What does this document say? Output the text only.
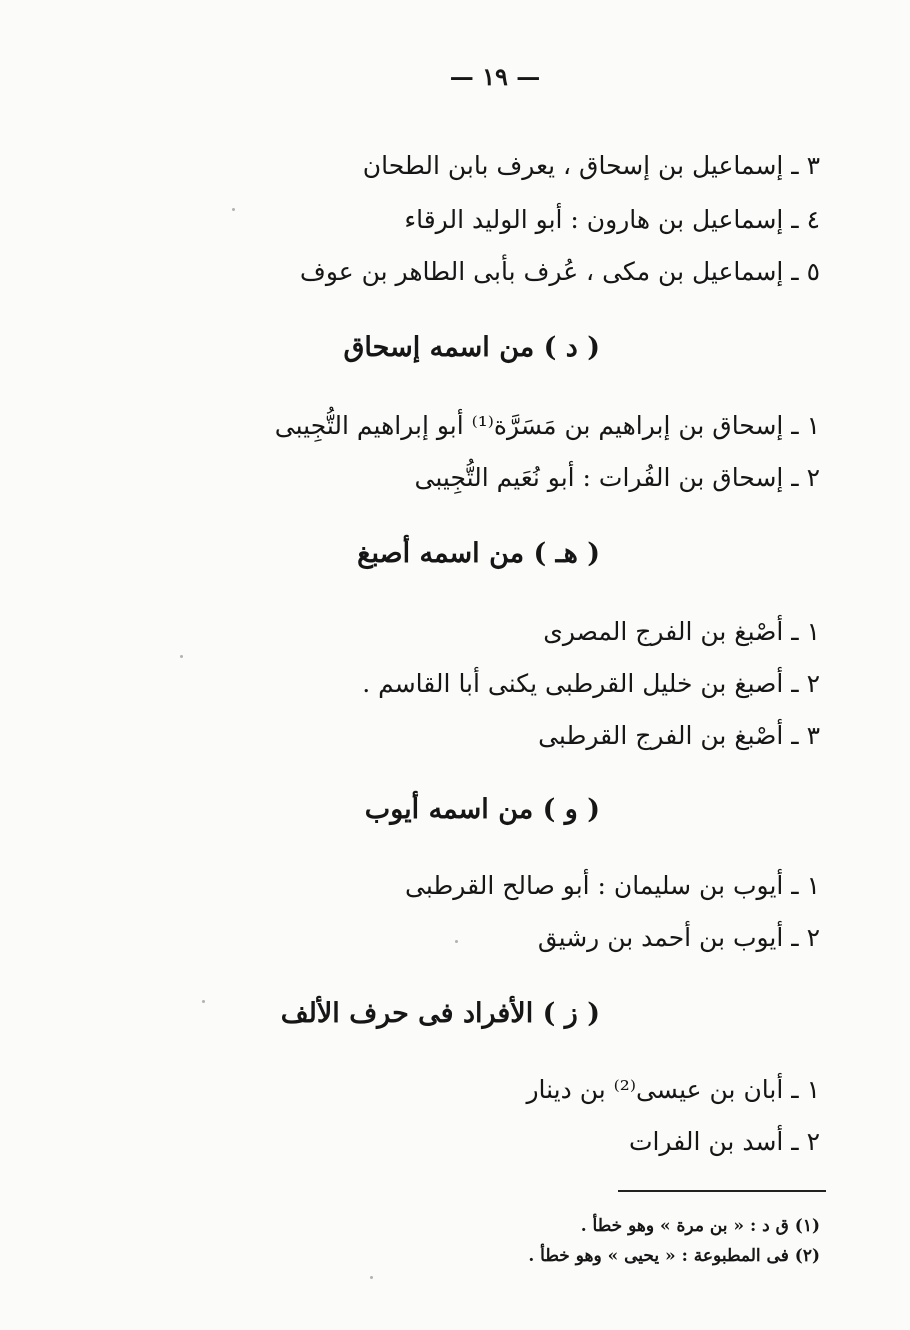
— ١٩ —
٣ ـ إسماعيل بن إسحاق ، يعرف بابن الطحان
٤ ـ إسماعيل بن هارون : أبو الوليد الرقاء
٥ ـ إسماعيل بن مكى ، عُرف بأبى الطاهر بن عوف
( د ) من اسمه إسحاق
١ ـ إسحاق بن إبراهيم بن مَسَرَّة⁽¹⁾ أبو إبراهيم التُّجِيبى
٢ ـ إسحاق بن الفُرات : أبو نُعَيم التُّجِيبى
( هـ ) من اسمه أصبغ
١ ـ أصْبغ بن الفرج المصرى
٢ ـ أصبغ بن خليل القرطبى يكنى أبا القاسم .
٣ ـ أصْبغ بن الفرج القرطبى
( و ) من اسمه أيوب
١ ـ أيوب بن سليمان : أبو صالح القرطبى
٢ ـ أيوب بن أحمد بن رشيق
( ز ) الأفراد فى حرف الألف
١ ـ أبان بن عيسى⁽²⁾ بن دينار
٢ ـ أسد بن الفرات
(١) ق د : « بن مرة » وهو خطأ .
(٢) فى المطبوعة : « يحيى » وهو خطأ .
